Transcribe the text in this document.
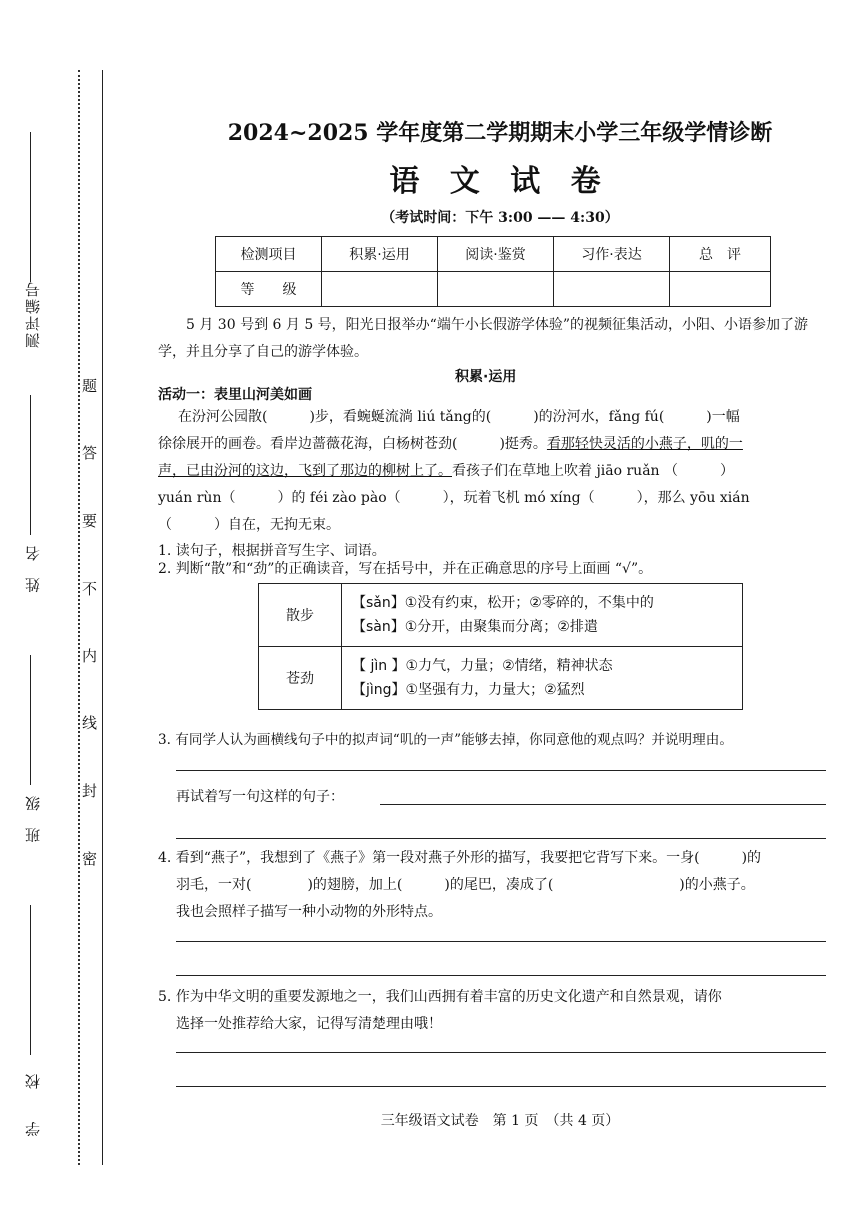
测评编号
姓 名
班 级
学 校
题
答
要
不
内
线
封
密
2024~2025 学年度第二学期期末小学三年级学情诊断
语 文 试 卷
（考试时间：下午 3:00 —— 4:30）
检测项目	积累·运用	阅读·鉴赏	习作·表达	总　评
等　　级				
5 月 30 号到 6 月 5 号，阳光日报举办“端午小长假游学体验”的视频征集活动，小阳、小语参加了游学，并且分享了自己的游学体验。
积累·运用
活动一：表里山河美如画
在汾河公园散(　　　)步，看蜿蜒流淌 liú tǎng的(　　　)的汾河水，fǎng fú(　　　)一幅
徐徐展开的画卷。看岸边蔷薇花海，白杨树苍劲(　　　)挺秀。看那轻快灵活的小燕子，叽的一
声，已由汾河的这边，飞到了那边的柳树上了。看孩子们在草地上吹着 jiāo ruǎn （　　　）
yuán rùn（　　　）的 féi zào pào（　　　），玩着飞机 mó xíng（　　　），那么 yōu xián
（　　　）自在，无拘无束。
1. 读句子，根据拼音写生字、词语。
2. 判断“散”和“劲”的正确读音，写在括号中，并在正确意思的序号上面画 “√”。
散步	【sǎn】①没有约束，松开；②零碎的，不集中的
【sàn】①分开，由聚集而分离；②排遣

苍劲	【 jìn 】①力气，力量；②情绪，精神状态
【jìng】①坚强有力，力量大；②猛烈
3. 有同学人认为画横线句子中的拟声词“叽的一声”能够去掉，你同意他的观点吗？并说明理由。
再试着写一句这样的句子：
4. 看到“燕子”，我想到了《燕子》第一段对燕子外形的描写，我要把它背写下来。一身(　　　)的
羽毛，一对(　　　　)的翅膀，加上(　　　)的尾巴，凑成了(　　　　　　　　　)的小燕子。
我也会照样子描写一种小动物的外形特点。
5. 作为中华文明的重要发源地之一，我们山西拥有着丰富的历史文化遗产和自然景观，请你
选择一处推荐给大家，记得写清楚理由哦！
三年级语文试卷　第 1 页　（共 4 页）
